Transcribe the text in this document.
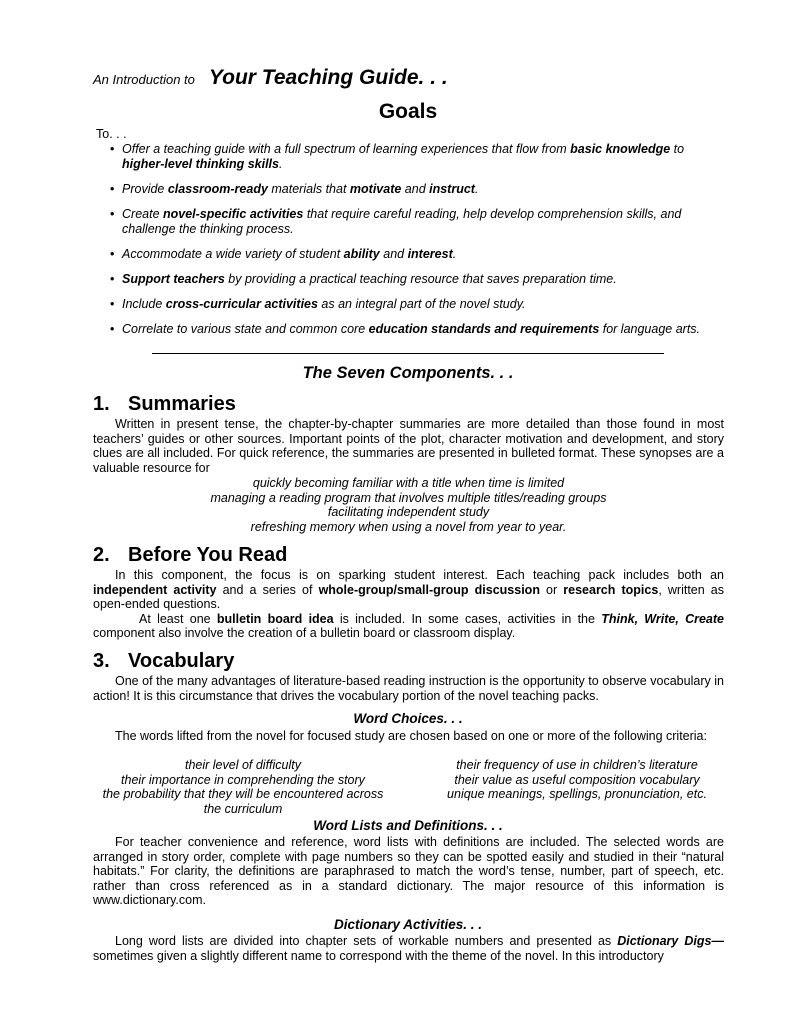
An Introduction to Your Teaching Guide. . .
Goals
To. . .
• Offer a teaching guide with a full spectrum of learning experiences that flow from basic knowledge to higher-level thinking skills.
• Provide classroom-ready materials that motivate and instruct.
• Create novel-specific activities that require careful reading, help develop comprehension skills, and challenge the thinking process.
• Accommodate a wide variety of student ability and interest.
• Support teachers by providing a practical teaching resource that saves preparation time.
• Include cross-curricular activities as an integral part of the novel study.
• Correlate to various state and common core education standards and requirements for language arts.
The Seven Components. . .
1. Summaries

Written in present tense, the chapter-by-chapter summaries are more detailed than those found in most teachers’ guides or other sources. Important points of the plot, character motivation and development, and story clues are all included. For quick reference, the summaries are presented in bulleted format. These synopses are a valuable resource for

quickly becoming familiar with a title when time is limited
managing a reading program that involves multiple titles/reading groups
facilitating independent study
refreshing memory when using a novel from year to year.
2. Before You Read

In this component, the focus is on sparking student interest. Each teaching pack includes both an independent activity and a series of whole-group/small-group discussion or research topics, written as open-ended questions.

At least one bulletin board idea is included. In some cases, activities in the Think, Write, Create component also involve the creation of a bulletin board or classroom display.

3. Vocabulary

One of the many advantages of literature-based reading instruction is the opportunity to observe vocabulary in action! It is this circumstance that drives the vocabulary portion of the novel teaching packs.

Word Choices. . .

The words lifted from the novel for focused study are chosen based on one or more of the following criteria:

their level of difficulty
their importance in comprehending the story
the probability that they will be encountered across
the curriculum
their frequency of use in children’s literature
their value as useful composition vocabulary
unique meanings, spellings, pronunciation, etc.
Word Lists and Definitions. . .

For teacher convenience and reference, word lists with definitions are included. The selected words are arranged in story order, complete with page numbers so they can be spotted easily and studied in their “natural habitats.” For clarity, the definitions are paraphrased to match the word’s tense, number, part of speech, etc. rather than cross referenced as in a standard dictionary. The major resource of this information is www.dictionary.com.

Dictionary Activities. . .

Long word lists are divided into chapter sets of workable numbers and presented as Dictionary Digs— sometimes given a slightly different name to correspond with the theme of the novel. In this introductory
